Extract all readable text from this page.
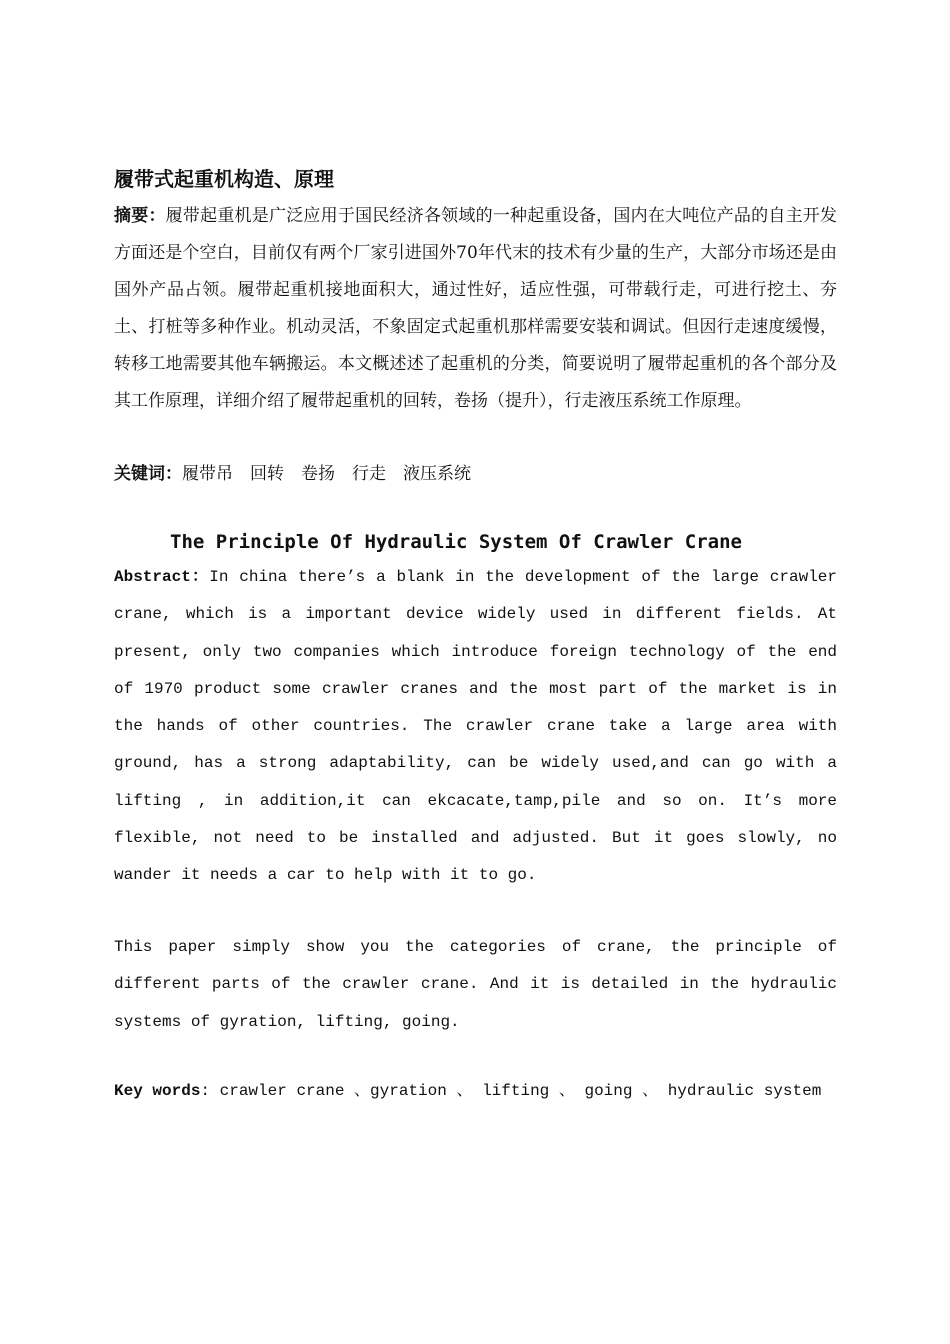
履带式起重机构造、原理

摘要：履带起重机是广泛应用于国民经济各领域的一种起重设备，国内在大吨位产品的自主开发方面还是个空白，目前仅有两个厂家引进国外70年代末的技术有少量的生产，大部分市场还是由国外产品占领。履带起重机接地面积大，通过性好，适应性强，可带载行走，可进行挖土、夯土、打桩等多种作业。机动灵活，不象固定式起重机那样需要安装和调试。但因行走速度缓慢，转移工地需要其他车辆搬运。本文概述述了起重机的分类，简要说明了履带起重机的各个部分及其工作原理，详细介绍了履带起重机的回转，卷扬（提升），行走液压系统工作原理。

关键词：履带吊 回转 卷扬 行走 液压系统

The Principle Of Hydraulic System Of Crawler Crane

Abstract：In china there’s a blank in the development of the large crawler crane, which is a important device widely used in different fields. At present, only two companies which introduce foreign technology of the end of 1970 product some crawler cranes and the most part of the market is in the hands of other countries. The crawler crane take a large area with ground, has a strong adaptability, can be widely used,and can go with a lifting , in addition,it can ekcacate,tamp,pile and so on. It’s more flexible, not need to be installed and adjusted. But it goes slowly, no wander it needs a car to help with it to go.

This paper simply show you the categories of crane, the principle of different parts of the crawler crane. And it is detailed in the hydraulic systems of gyration, lifting, going.

Key words: crawler crane 、gyration 、 lifting 、 going 、 hydraulic system
